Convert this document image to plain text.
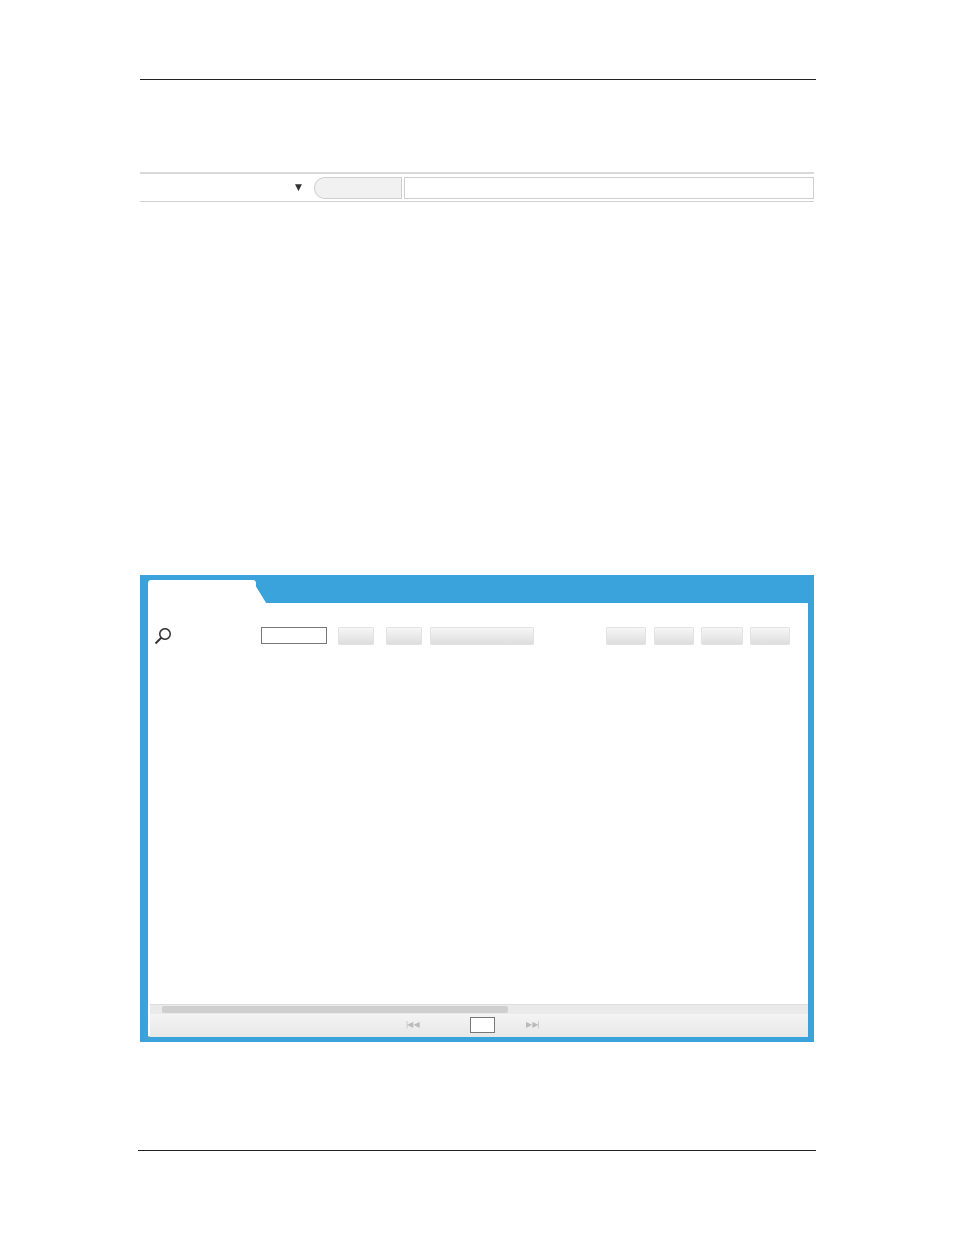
▼

|◀ ◀	▶ ▶|
